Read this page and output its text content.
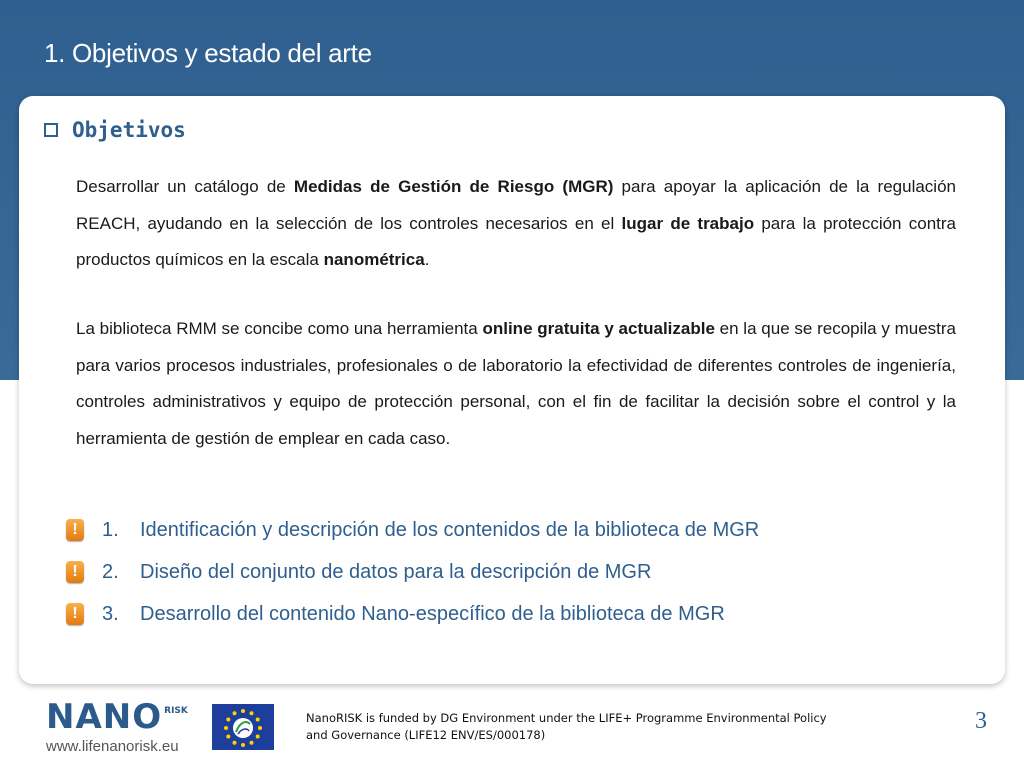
1. Objetivos y estado del arte
Objetivos

Desarrollar un catálogo de Medidas de Gestión de Riesgo (MGR) para apoyar la aplicación de la regulación REACH, ayudando en la selección de los controles necesarios en el lugar de trabajo para la protección contra productos químicos en la escala nanométrica.

La biblioteca RMM se concibe como una herramienta online gratuita y actualizable en la que se recopila y muestra para varios procesos industriales, profesionales o de laboratorio la efectividad de diferentes controles de ingeniería, controles administrativos y equipo de protección personal, con el fin de facilitar la decisión sobre el control y la herramienta de gestión de emplear en cada caso.

!	1.	Identificación y descripción de los contenidos de la biblioteca de MGR
!	2.	Diseño del conjunto de datos para la descripción de MGR
!	3.	Desarrollo del contenido Nano-específico de la biblioteca de MGR
NANO RISK
www.lifenanorisk.eu

NanoRISK is funded by DG Environment under the LIFE+ Programme Environmental Policy
and Governance (LIFE12 ENV/ES/000178)

3
